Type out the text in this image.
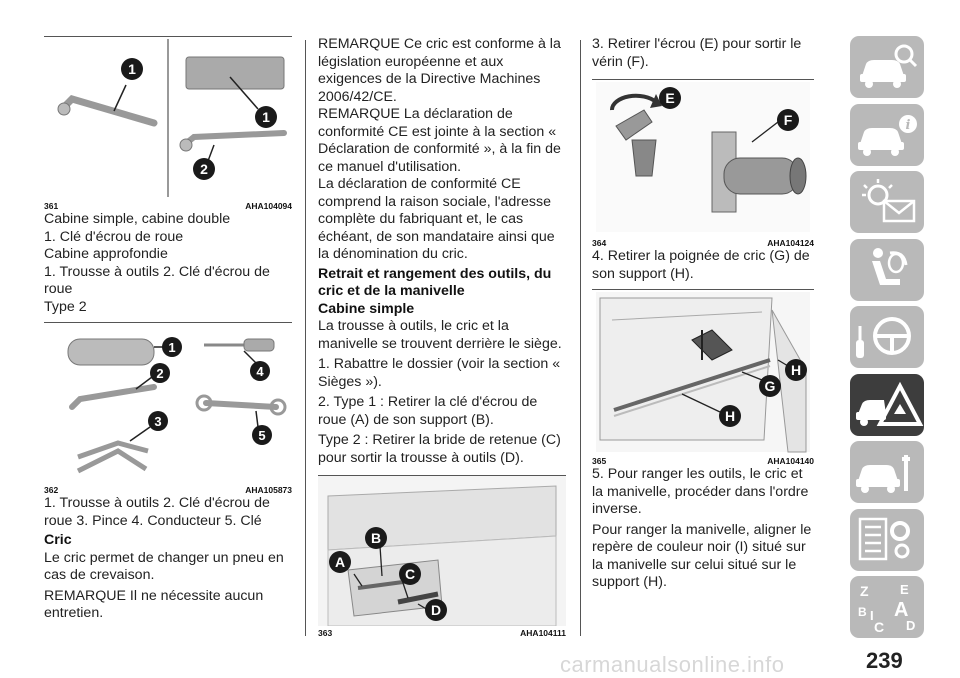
1
1
2
361	AHA104094

Cabine simple, cabine double

1. Clé d'écrou de roue

Cabine approfondie

1. Trousse à outils 2. Clé d'écrou de roue

Type 2

1
2
3
4
5
362	AHA105873

1. Trousse à outils 2. Clé d'écrou de roue 3. Pince 4. Conducteur 5. Clé

Cric

Le cric permet de changer un pneu en cas de crevaison.

REMARQUE Il ne nécessite aucun entretien.

REMARQUE Ce cric est conforme à la législation européenne et aux exigences de la Directive Machines 2006/42/CE.

REMARQUE La déclaration de conformité CE est jointe à la section « Déclaration de conformité », à la fin de ce manuel d'utilisation.

La déclaration de conformité CE comprend la raison sociale, l'adresse complète du fabriquant et, le cas échéant, de son mandataire ainsi que la dénomination du cric.

Retrait et rangement des outils, du cric et de la manivelle
Cabine simple

La trousse à outils, le cric et la manivelle se trouvent derrière le siège.

1. Rabattre le dossier (voir la section « Sièges »).

2. Type 1 : Retirer la clé d'écrou de roue (A) de son support (B).

Type 2 : Retirer la bride de retenue (C) pour sortir la trousse à outils (D).

A
B
C
D
363	AHA104111

3. Retirer l'écrou (E) pour sortir le vérin (F).

E
F
364	AHA104124

4. Retirer la poignée de cric (G) de son support (H).

H
G
H
365	AHA104140

5. Pour ranger les outils, le cric et la manivelle, procéder dans l'ordre inverse.

Pour ranger la manivelle, aligner le repère de couleur noir (I) situé sur la manivelle sur celui situé sur le support (H).

i
Z E
B A
C D
I
carmanualsonline.info	239
